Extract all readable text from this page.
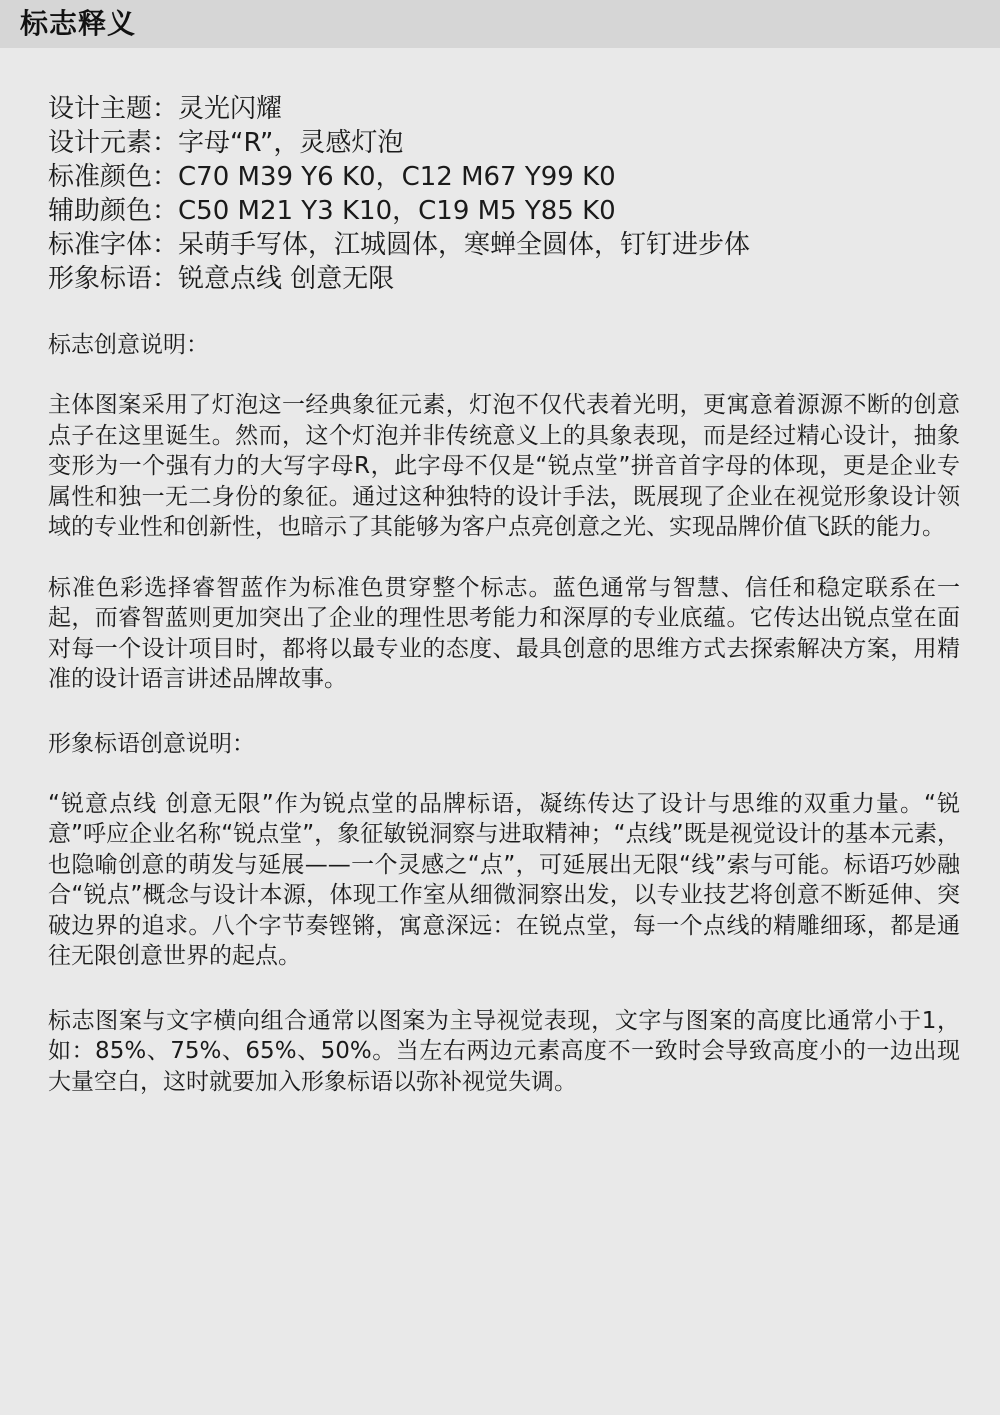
标志释义
设计主题：灵光闪耀
设计元素：字母“R”，灵感灯泡
标准颜色：C70 M39 Y6 K0，C12 M67 Y99 K0
辅助颜色：C50 M21 Y3 K10，C19 M5 Y85 K0
标准字体：呆萌手写体，江城圆体，寒蝉全圆体，钉钉进步体
形象标语：锐意点线 创意无限
标志创意说明：
主体图案采用了灯泡这一经典象征元素，灯泡不仅代表着光明，更寓意着源源不断的创意点子在这里诞生。然而，这个灯泡并非传统意义上的具象表现，而是经过精心设计，抽象变形为一个强有力的大写字母R，此字母不仅是“锐点堂”拼音首字母的体现，更是企业专属性和独一无二身份的象征。通过这种独特的设计手法，既展现了企业在视觉形象设计领域的专业性和创新性，也暗示了其能够为客户点亮创意之光、实现品牌价值飞跃的能力。
标准色彩选择睿智蓝作为标准色贯穿整个标志。蓝色通常与智慧、信任和稳定联系在一起，而睿智蓝则更加突出了企业的理性思考能力和深厚的专业底蕴。它传达出锐点堂在面对每一个设计项目时，都将以最专业的态度、最具创意的思维方式去探索解决方案，用精准的设计语言讲述品牌故事。
形象标语创意说明：
“锐意点线 创意无限”作为锐点堂的品牌标语，凝练传达了设计与思维的双重力量。“锐意”呼应企业名称“锐点堂”，象征敏锐洞察与进取精神；“点线”既是视觉设计的基本元素，也隐喻创意的萌发与延展——一个灵感之“点”，可延展出无限“线”索与可能。标语巧妙融合“锐点”概念与设计本源，体现工作室从细微洞察出发，以专业技艺将创意不断延伸、突破边界的追求。八个字节奏铿锵，寓意深远：在锐点堂，每一个点线的精雕细琢，都是通往无限创意世界的起点。
标志图案与文字横向组合通常以图案为主导视觉表现，文字与图案的高度比通常小于1，如：85%、75%、65%、50%。当左右两边元素高度不一致时会导致高度小的一边出现大量空白，这时就要加入形象标语以弥补视觉失调。
